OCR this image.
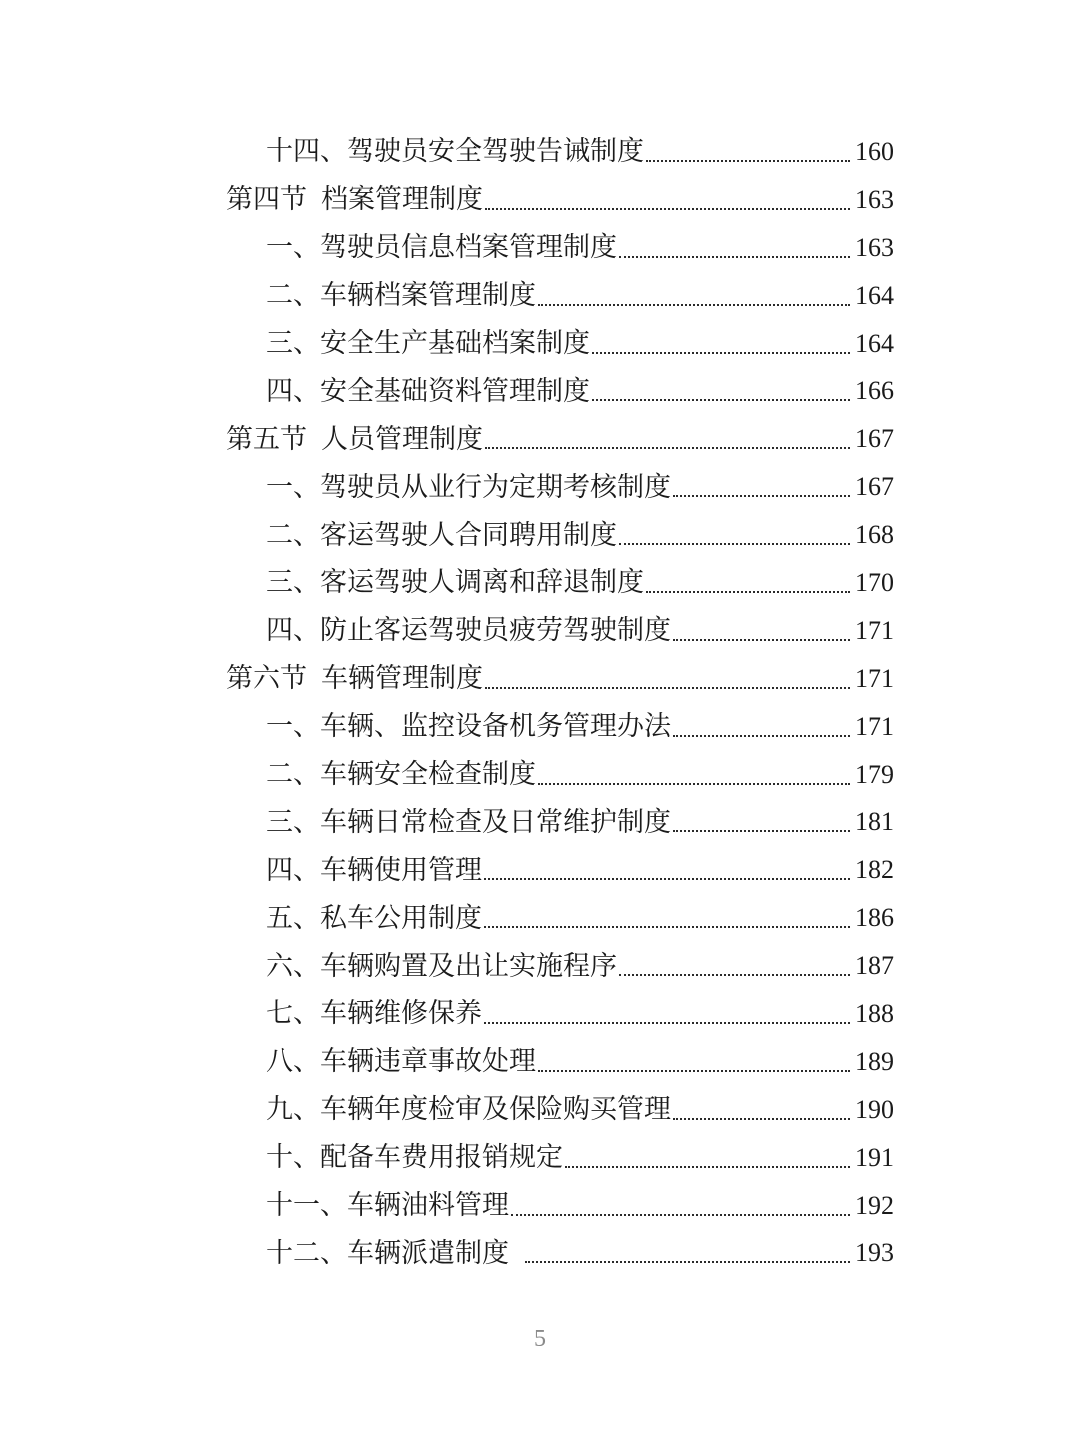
十四、驾驶员安全驾驶告诫制度	160
第四节 档案管理制度	163
一、驾驶员信息档案管理制度	163
二、车辆档案管理制度	164
三、安全生产基础档案制度	164
四、安全基础资料管理制度	166
第五节 人员管理制度	167
一、驾驶员从业行为定期考核制度	167
二、客运驾驶人合同聘用制度	168
三、客运驾驶人调离和辞退制度	170
四、防止客运驾驶员疲劳驾驶制度	171
第六节 车辆管理制度	171
一、车辆、监控设备机务管理办法	171
二、车辆安全检查制度	179
三、车辆日常检查及日常维护制度	181
四、车辆使用管理	182
五、私车公用制度	186
六、车辆购置及出让实施程序	187
七、车辆维修保养	188
八、车辆违章事故处理	189
九、车辆年度检审及保险购买管理	190
十、配备车费用报销规定	191
十一、车辆油料管理	192
十二、车辆派遣制度	193
5
